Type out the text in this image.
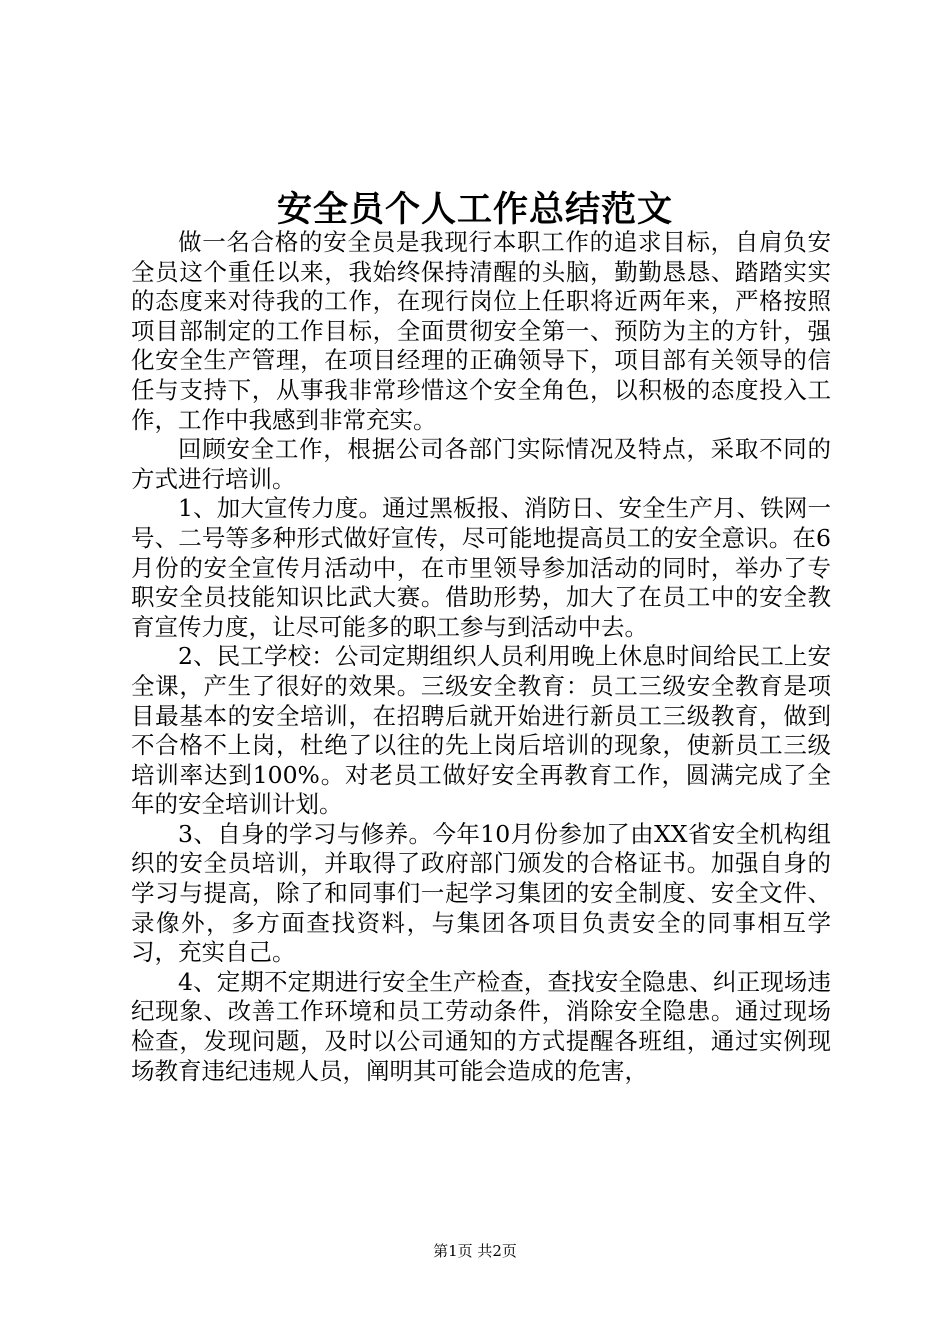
安全员个人工作总结范文

做一名合格的安全员是我现行本职工作的追求目标，自肩负安全员这个重任以来，我始终保持清醒的头脑，勤勤恳恳、踏踏实实的态度来对待我的工作，在现行岗位上任职将近两年来，严格按照项目部制定的工作目标，全面贯彻安全第一、预防为主的方针，强化安全生产管理，在项目经理的正确领导下，项目部有关领导的信任与支持下，从事我非常珍惜这个安全角色，以积极的态度投入工作，工作中我感到非常充实。

回顾安全工作，根据公司各部门实际情况及特点，采取不同的方式进行培训。

1、加大宣传力度。通过黑板报、消防日、安全生产月、铁网一号、二号等多种形式做好宣传，尽可能地提高员工的安全意识。在6月份的安全宣传月活动中，在市里领导参加活动的同时，举办了专职安全员技能知识比武大赛。借助形势，加大了在员工中的安全教育宣传力度，让尽可能多的职工参与到活动中去。

2、民工学校：公司定期组织人员利用晚上休息时间给民工上安全课，产生了很好的效果。三级安全教育：员工三级安全教育是项目最基本的安全培训，在招聘后就开始进行新员工三级教育，做到不合格不上岗，杜绝了以往的先上岗后培训的现象，使新员工三级培训率达到100%。对老员工做好安全再教育工作，圆满完成了全年的安全培训计划。

3、自身的学习与修养。今年10月份参加了由XX省安全机构组织的安全员培训，并取得了政府部门颁发的合格证书。加强自身的学习与提高，除了和同事们一起学习集团的安全制度、安全文件、录像外，多方面查找资料，与集团各项目负责安全的同事相互学习，充实自己。

4、定期不定期进行安全生产检查，查找安全隐患、纠正现场违纪现象、改善工作环境和员工劳动条件，消除安全隐患。通过现场检查，发现问题，及时以公司通知的方式提醒各班组，通过实例现场教育违纪违规人员，阐明其可能会造成的危害，

第1页 共2页
